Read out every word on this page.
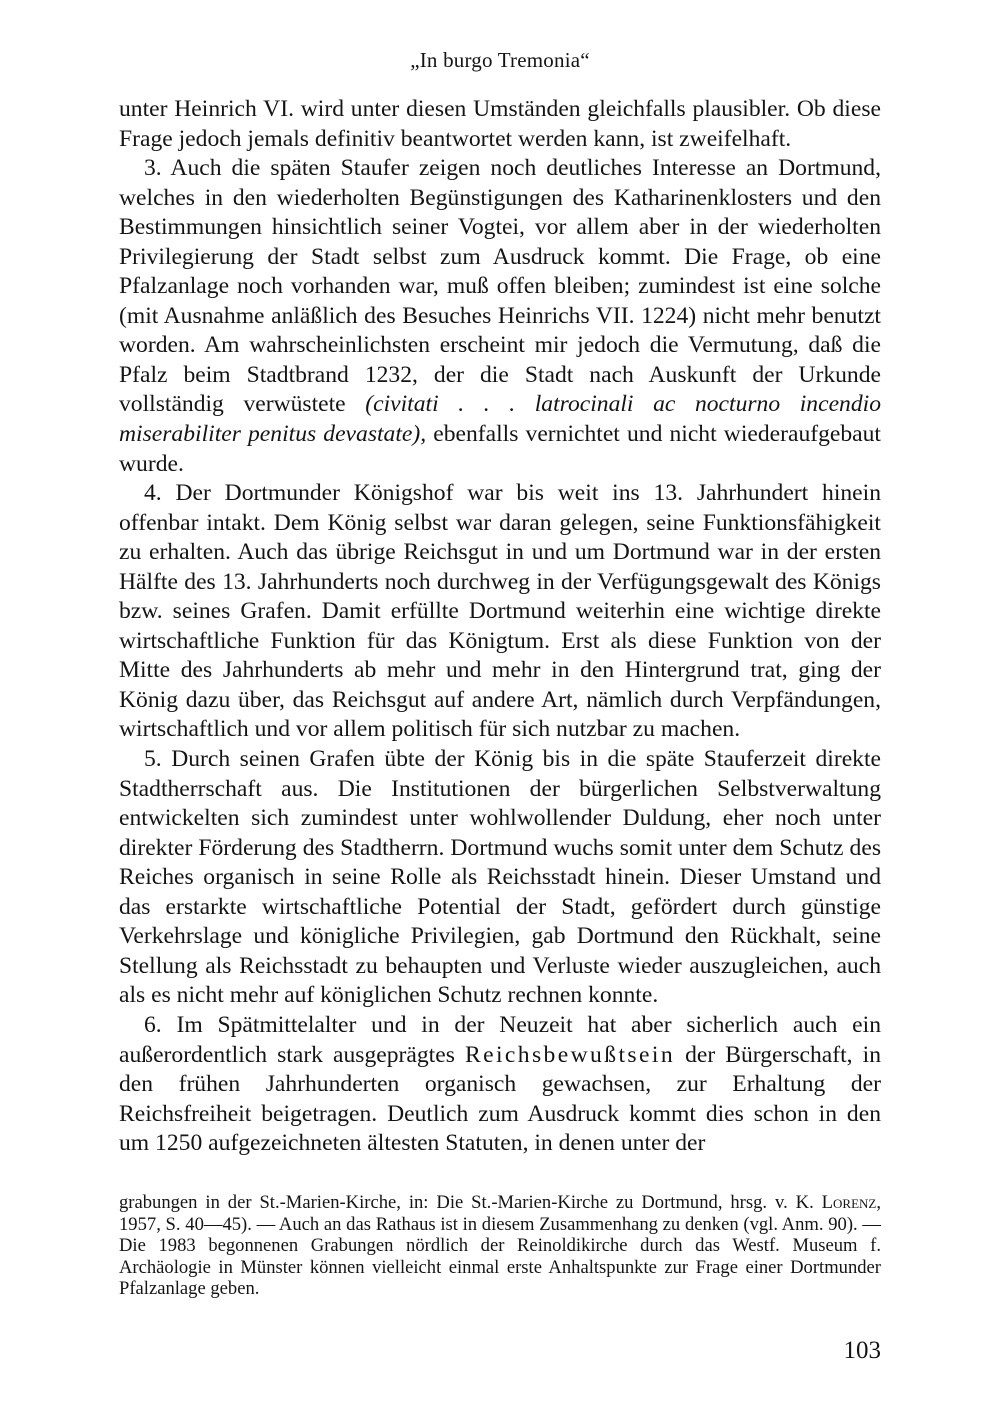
„In burgo Tremonia“

unter Heinrich VI. wird unter diesen Umständen gleichfalls plausibler. Ob diese Frage jedoch jemals definitiv beantwortet werden kann, ist zweifelhaft.

3. Auch die späten Staufer zeigen noch deutliches Interesse an Dortmund, welches in den wiederholten Begünstigungen des Katharinenklosters und den Bestimmungen hinsichtlich seiner Vogtei, vor allem aber in der wiederholten Privilegierung der Stadt selbst zum Ausdruck kommt. Die Frage, ob eine Pfalzanlage noch vorhanden war, muß offen bleiben; zumindest ist eine solche (mit Ausnahme anläßlich des Besuches Heinrichs VII. 1224) nicht mehr benutzt worden. Am wahrscheinlichsten erscheint mir jedoch die Vermutung, daß die Pfalz beim Stadtbrand 1232, der die Stadt nach Auskunft der Urkunde vollständig verwüstete (civitati . . . latrocinali ac nocturno incendio miserabiliter penitus devastate), ebenfalls vernichtet und nicht wiederaufgebaut wurde.

4. Der Dortmunder Königshof war bis weit ins 13. Jahrhundert hinein offenbar intakt. Dem König selbst war daran gelegen, seine Funktionsfähigkeit zu erhalten. Auch das übrige Reichsgut in und um Dortmund war in der ersten Hälfte des 13. Jahrhunderts noch durchweg in der Verfügungsgewalt des Königs bzw. seines Grafen. Damit erfüllte Dortmund weiterhin eine wichtige direkte wirtschaftliche Funktion für das Königtum. Erst als diese Funktion von der Mitte des Jahrhunderts ab mehr und mehr in den Hintergrund trat, ging der König dazu über, das Reichsgut auf andere Art, nämlich durch Verpfändungen, wirtschaftlich und vor allem politisch für sich nutzbar zu machen.

5. Durch seinen Grafen übte der König bis in die späte Stauferzeit direkte Stadtherrschaft aus. Die Institutionen der bürgerlichen Selbstverwaltung entwickelten sich zumindest unter wohlwollender Duldung, eher noch unter direkter Förderung des Stadtherrn. Dortmund wuchs somit unter dem Schutz des Reiches organisch in seine Rolle als Reichsstadt hinein. Dieser Umstand und das erstarkte wirtschaftliche Potential der Stadt, gefördert durch günstige Verkehrslage und königliche Privilegien, gab Dortmund den Rückhalt, seine Stellung als Reichsstadt zu behaupten und Verluste wieder auszugleichen, auch als es nicht mehr auf königlichen Schutz rechnen konnte.

6. Im Spätmittelalter und in der Neuzeit hat aber sicherlich auch ein außerordentlich stark ausgeprägtes Reichsbewußtsein der Bürgerschaft, in den frühen Jahrhunderten organisch gewachsen, zur Erhaltung der Reichsfreiheit beigetragen. Deutlich zum Ausdruck kommt dies schon in den um 1250 aufgezeichneten ältesten Statuten, in denen unter der

grabungen in der St.-Marien-Kirche, in: Die St.-Marien-Kirche zu Dortmund, hrsg. v. K. Lorenz, 1957, S. 40—45). — Auch an das Rathaus ist in diesem Zusammenhang zu denken (vgl. Anm. 90). — Die 1983 begonnenen Grabungen nördlich der Reinoldikirche durch das Westf. Museum f. Archäologie in Münster können vielleicht einmal erste Anhaltspunkte zur Frage einer Dortmunder Pfalzanlage geben.

103
